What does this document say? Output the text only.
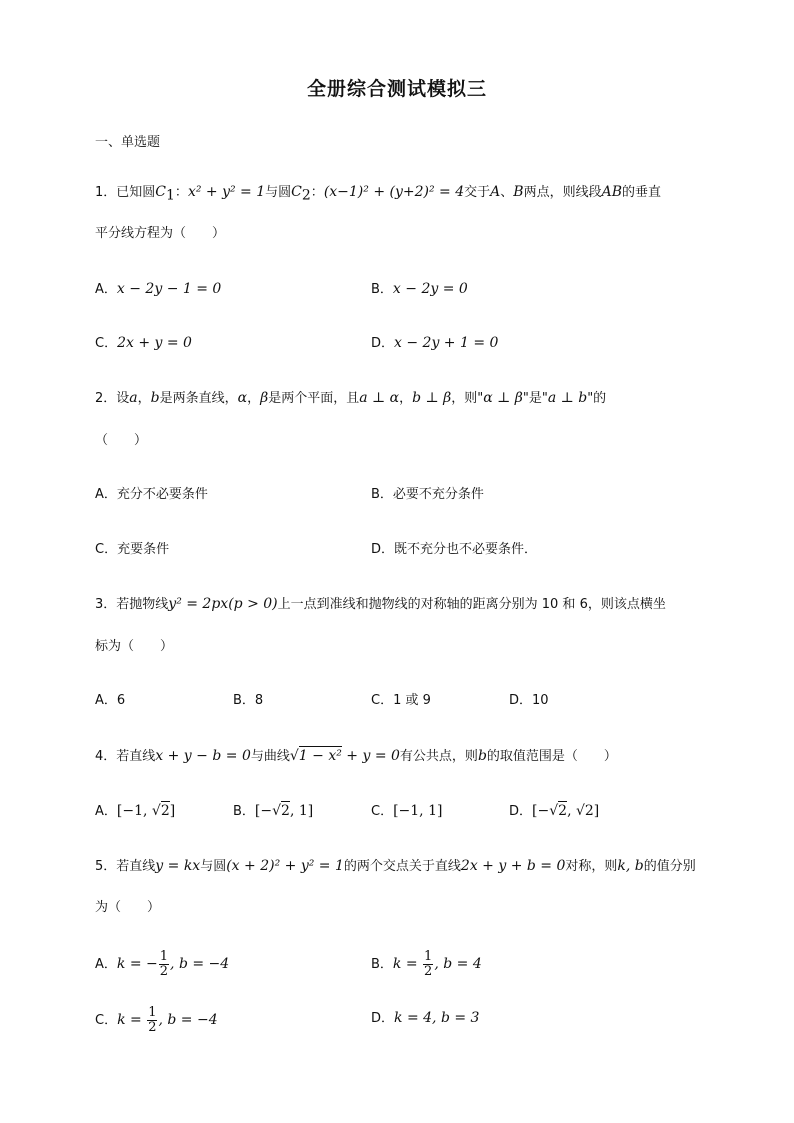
全册综合测试模拟三
一、单选题
1．已知圆$C_1$：x² + y² = 1与圆$C_2$：(x−1)² + (y+2)² = 4交于A、B两点，则线段AB的垂直
平分线方程为（　　）
A．x − 2y − 1 = 0	B．x − 2y = 0
C．2x + y = 0	D．x − 2y + 1 = 0
2．设a，b是两条直线，α，β是两个平面，且a ⊥ α，b ⊥ β，则"α ⊥ β"是"a ⊥ b"的
（　　）
A．充分不必要条件	B．必要不充分条件
C．充要条件	D．既不充分也不必要条件．
3．若抛物线y² = 2px(p > 0)上一点到准线和抛物线的对称轴的距离分别为 10 和 6，则该点横坐
标为（　　）
A．6	B．8	C．1 或 9	D．10
4．若直线x + y − b = 0与曲线√1 − x² + y = 0有公共点，则b的取值范围是（　　）
A．[−1, √2]	B．[−√2, 1]	C．[−1, 1]	D．[−√2, √2]
5．若直线y = kx与圆(x + 2)² + y² = 1的两个交点关于直线2x + y + b = 0对称，则k, b的值分别
为（　　）
A．k = − $\frac{1}{2}$ , b = −4	B．$k = \frac{1}{2}$ , b = 4
C．$k = \frac{1}{2}$ , b = −4	D．k = 4, b = 3
